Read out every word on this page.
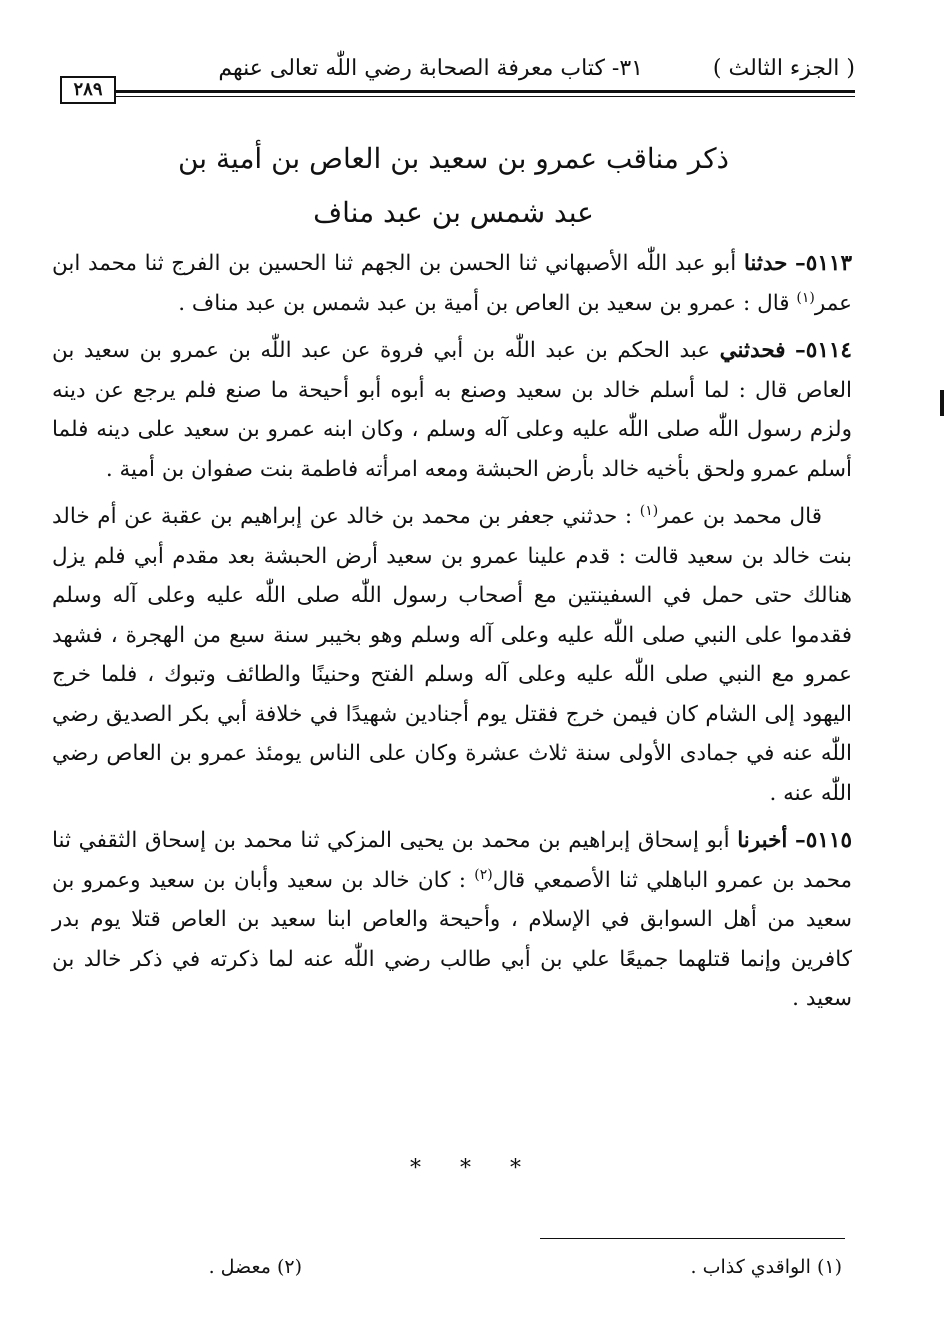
( الجزء الثالث )
٣١- كتاب معرفة الصحابة رضي اللّٰه تعالى عنهم
٢٨٩
ذكر مناقب عمرو بن سعيد بن العاص بن أمية بن
عبد شمس بن عبد مناف

٥١١٣– حدثنا أبو عبد اللّٰه الأصبهاني ثنا الحسن بن الجهم ثنا الحسين بن الفرج ثنا محمد ابن عمر$^{(١)}$ قال : عمرو بن سعيد بن العاص بن أمية بن عبد شمس بن عبد مناف .

٥١١٤– فحدثني عبد الحكم بن عبد اللّٰه بن أبي فروة عن عبد اللّٰه بن عمرو بن سعيد بن العاص قال : لما أسلم خالد بن سعيد وصنع به أبوه أبو أحيحة ما صنع فلم يرجع عن دينه ولزم رسول اللّٰه صلى اللّٰه عليه وعلى آله وسلم ، وكان ابنه عمرو بن سعيد على دينه فلما أسلم عمرو ولحق بأخيه خالد بأرض الحبشة ومعه امرأته فاطمة بنت صفوان بن أمية .

قال محمد بن عمر$^{(١)}$ : حدثني جعفر بن محمد بن خالد عن إبراهيم بن عقبة عن أم خالد بنت خالد بن سعيد قالت : قدم علينا عمرو بن سعيد أرض الحبشة بعد مقدم أبي فلم يزل هنالك حتى حمل في السفينتين مع أصحاب رسول اللّٰه صلى اللّٰه عليه وعلى آله وسلم فقدموا على النبي صلى اللّٰه عليه وعلى آله وسلم وهو بخيبر سنة سبع من الهجرة ، فشهد عمرو مع النبي صلى اللّٰه عليه وعلى آله وسلم الفتح وحنينًا والطائف وتبوك ، فلما خرج اليهود إلى الشام كان فيمن خرج فقتل يوم أجنادين شهيدًا في خلافة أبي بكر الصديق رضي اللّٰه عنه في جمادى الأولى سنة ثلاث عشرة وكان على الناس يومئذ عمرو بن العاص رضي اللّٰه عنه .

٥١١٥– أخبرنا أبو إسحاق إبراهيم بن محمد بن يحيى المزكي ثنا محمد بن إسحاق الثقفي ثنا محمد بن عمرو الباهلي ثنا الأصمعي قال$^{(٢)}$ : كان خالد بن سعيد وأبان بن سعيد وعمرو بن سعيد من أهل السوابق في الإسلام ، وأحيحة والعاص ابنا سعيد بن العاص قتلا يوم بدر كافرين وإنما قتلهما جميعًا علي بن أبي طالب رضي اللّٰه عنه لما ذكرته في ذكر خالد بن سعيد .

* * *
(١) الواقدي كذاب .
(٢) معضل .
